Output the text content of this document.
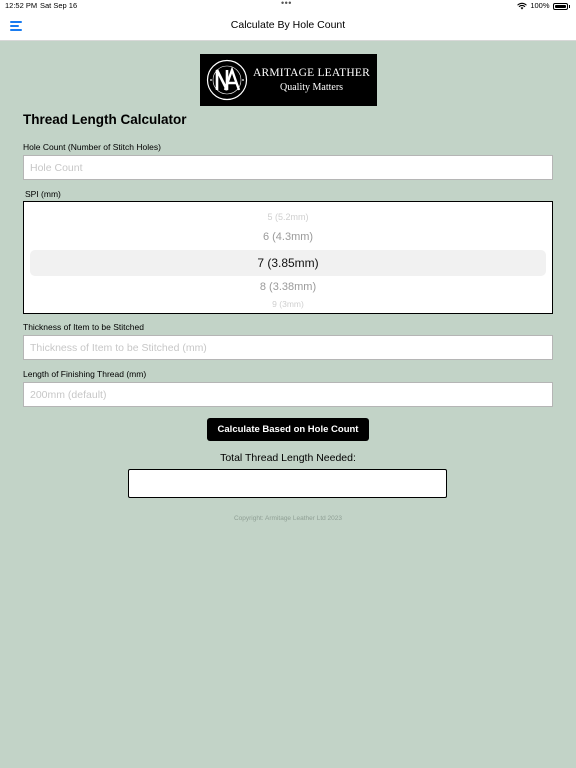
12:52 PM Sat Sep 16	•••	100%
Calculate By Hole Count
ARMITAGE LEATHER
Quality Matters
Thread Length Calculator
Hole Count (Number of Stitch Holes)
Hole Count
SPI (mm)
5 (5.2mm)
6 (4.3mm)
7 (3.85mm)
8 (3.38mm)
9 (3mm)
Thickness of Item to be Stitched
Thickness of Item to be Stitched (mm)
Length of Finishing Thread (mm)
200mm (default)
Calculate Based on Hole Count
Total Thread Length Needed:
Copyright: Armitage Leather Ltd 2023
